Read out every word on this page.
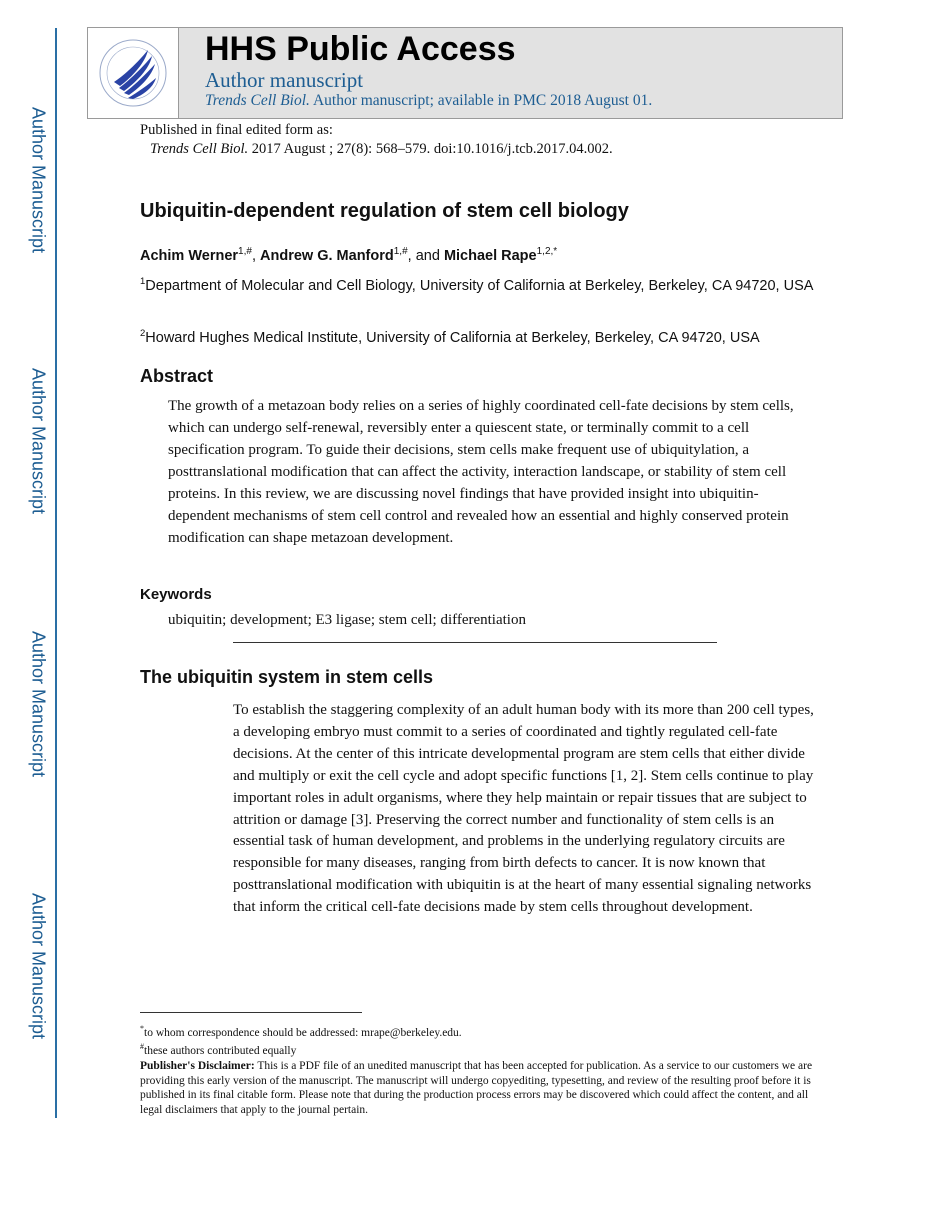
Author Manuscript
Author Manuscript
Author Manuscript
Author Manuscript
HHS Public Access
Author manuscript
Trends Cell Biol. Author manuscript; available in PMC 2018 August 01.
Published in final edited form as:
Trends Cell Biol. 2017 August ; 27(8): 568–579. doi:10.1016/j.tcb.2017.04.002.
Ubiquitin-dependent regulation of stem cell biology
Achim Werner$^{1,\#}$, Andrew G. Manford$^{1,\#}$, and Michael Rape$^{1,2,*}$
$^1$Department of Molecular and Cell Biology, University of California at Berkeley, Berkeley, CA 94720, USA
$^2$Howard Hughes Medical Institute, University of California at Berkeley, Berkeley, CA 94720, USA
Abstract
The growth of a metazoan body relies on a series of highly coordinated cell-fate decisions by stem cells, which can undergo self-renewal, reversibly enter a quiescent state, or terminally commit to a cell specification program. To guide their decisions, stem cells make frequent use of ubiquitylation, a posttranslational modification that can affect the activity, interaction landscape, or stability of stem cell proteins. In this review, we are discussing novel findings that have provided insight into ubiquitin-dependent mechanisms of stem cell control and revealed how an essential and highly conserved protein modification can shape metazoan development.
Keywords
ubiquitin; development; E3 ligase; stem cell; differentiation
The ubiquitin system in stem cells
To establish the staggering complexity of an adult human body with its more than 200 cell types, a developing embryo must commit to a series of coordinated and tightly regulated cell-fate decisions. At the center of this intricate developmental program are stem cells that either divide and multiply or exit the cell cycle and adopt specific functions [1, 2]. Stem cells continue to play important roles in adult organisms, where they help maintain or repair tissues that are subject to attrition or damage [3]. Preserving the correct number and functionality of stem cells is an essential task of human development, and problems in the underlying regulatory circuits are responsible for many diseases, ranging from birth defects to cancer. It is now known that posttranslational modification with ubiquitin is at the heart of many essential signaling networks that inform the critical cell-fate decisions made by stem cells throughout development.
*to whom correspondence should be addressed: mrape@berkeley.edu.
#these authors contributed equally
Publisher's Disclaimer: This is a PDF file of an unedited manuscript that has been accepted for publication. As a service to our customers we are providing this early version of the manuscript. The manuscript will undergo copyediting, typesetting, and review of the resulting proof before it is published in its final citable form. Please note that during the production process errors may be discovered which could affect the content, and all legal disclaimers that apply to the journal pertain.
